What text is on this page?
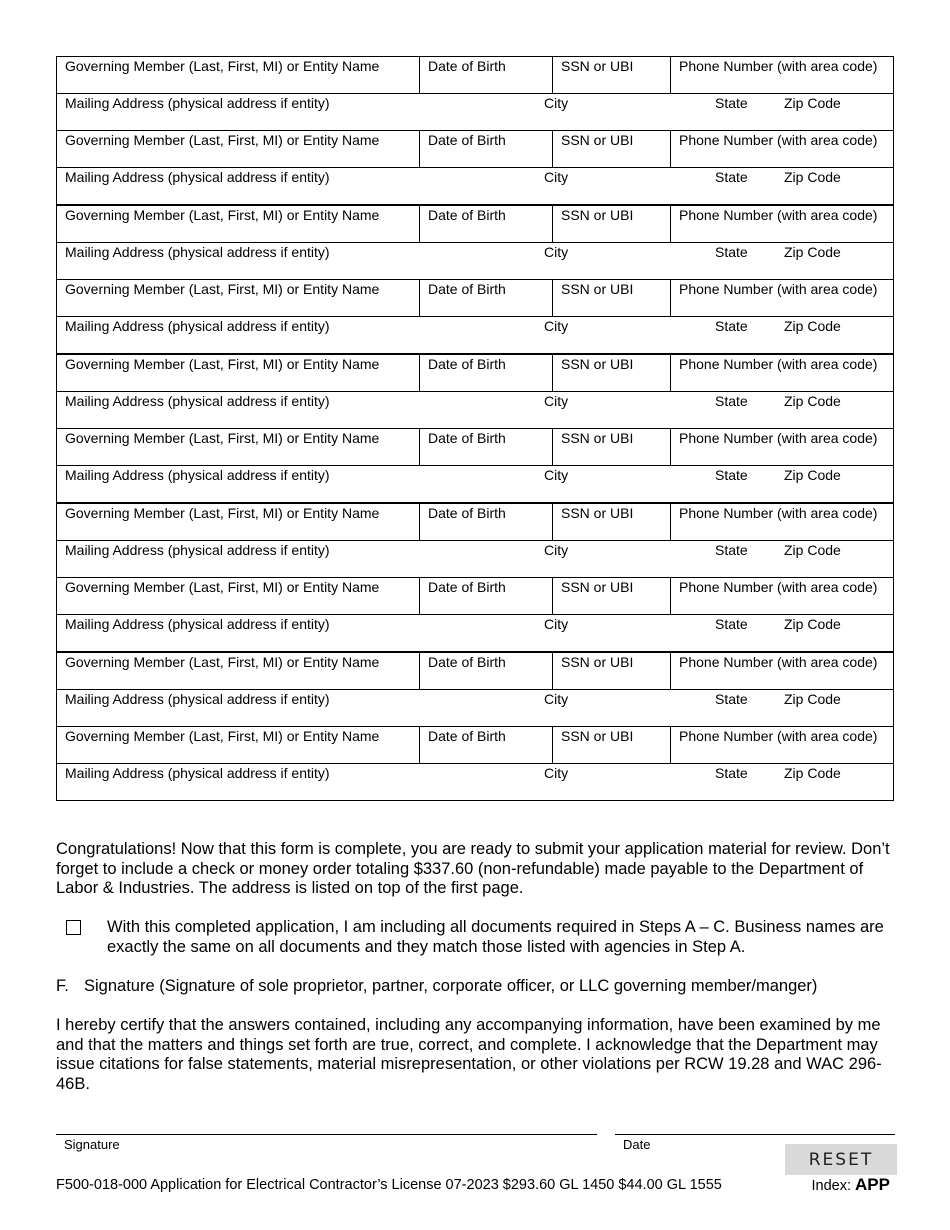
Governing Member (Last, First, MI) or Entity Name	Date of Birth	SSN or UBI	Phone Number (with area code)
Mailing Address (physical address if entity)	City	State	Zip Code
Governing Member (Last, First, MI) or Entity Name	Date of Birth	SSN or UBI	Phone Number (with area code)
Mailing Address (physical address if entity)	City	State	Zip Code
Governing Member (Last, First, MI) or Entity Name	Date of Birth	SSN or UBI	Phone Number (with area code)
Mailing Address (physical address if entity)	City	State	Zip Code
Governing Member (Last, First, MI) or Entity Name	Date of Birth	SSN or UBI	Phone Number (with area code)
Mailing Address (physical address if entity)	City	State	Zip Code
Governing Member (Last, First, MI) or Entity Name	Date of Birth	SSN or UBI	Phone Number (with area code)
Mailing Address (physical address if entity)	City	State	Zip Code
Governing Member (Last, First, MI) or Entity Name	Date of Birth	SSN or UBI	Phone Number (with area code)
Mailing Address (physical address if entity)	City	State	Zip Code
Governing Member (Last, First, MI) or Entity Name	Date of Birth	SSN or UBI	Phone Number (with area code)
Mailing Address (physical address if entity)	City	State	Zip Code
Governing Member (Last, First, MI) or Entity Name	Date of Birth	SSN or UBI	Phone Number (with area code)
Mailing Address (physical address if entity)	City	State	Zip Code
Governing Member (Last, First, MI) or Entity Name	Date of Birth	SSN or UBI	Phone Number (with area code)
Mailing Address (physical address if entity)	City	State	Zip Code
Governing Member (Last, First, MI) or Entity Name	Date of Birth	SSN or UBI	Phone Number (with area code)
Mailing Address (physical address if entity)	City	State	Zip Code
Congratulations! Now that this form is complete, you are ready to submit your application material for review. Don’t forget to include a check or money order totaling $337.60 (non-refundable) made payable to the Department of Labor & Industries. The address is listed on top of the first page.
With this completed application, I am including all documents required in Steps A – C. Business names are exactly the same on all documents and they match those listed with agencies in Step A.
F. Signature (Signature of sole proprietor, partner, corporate officer, or LLC governing member/manger)
I hereby certify that the answers contained, including any accompanying information, have been examined by me and that the matters and things set forth are true, correct, and complete. I acknowledge that the Department may issue citations for false statements, material misrepresentation, or other violations per RCW 19.28 and WAC 296-46B.
Signature	Date
RESET
F500-018-000 Application for Electrical Contractor’s License 07-2023 $293.60 GL 1450 $44.00 GL 1555	Index: APP
